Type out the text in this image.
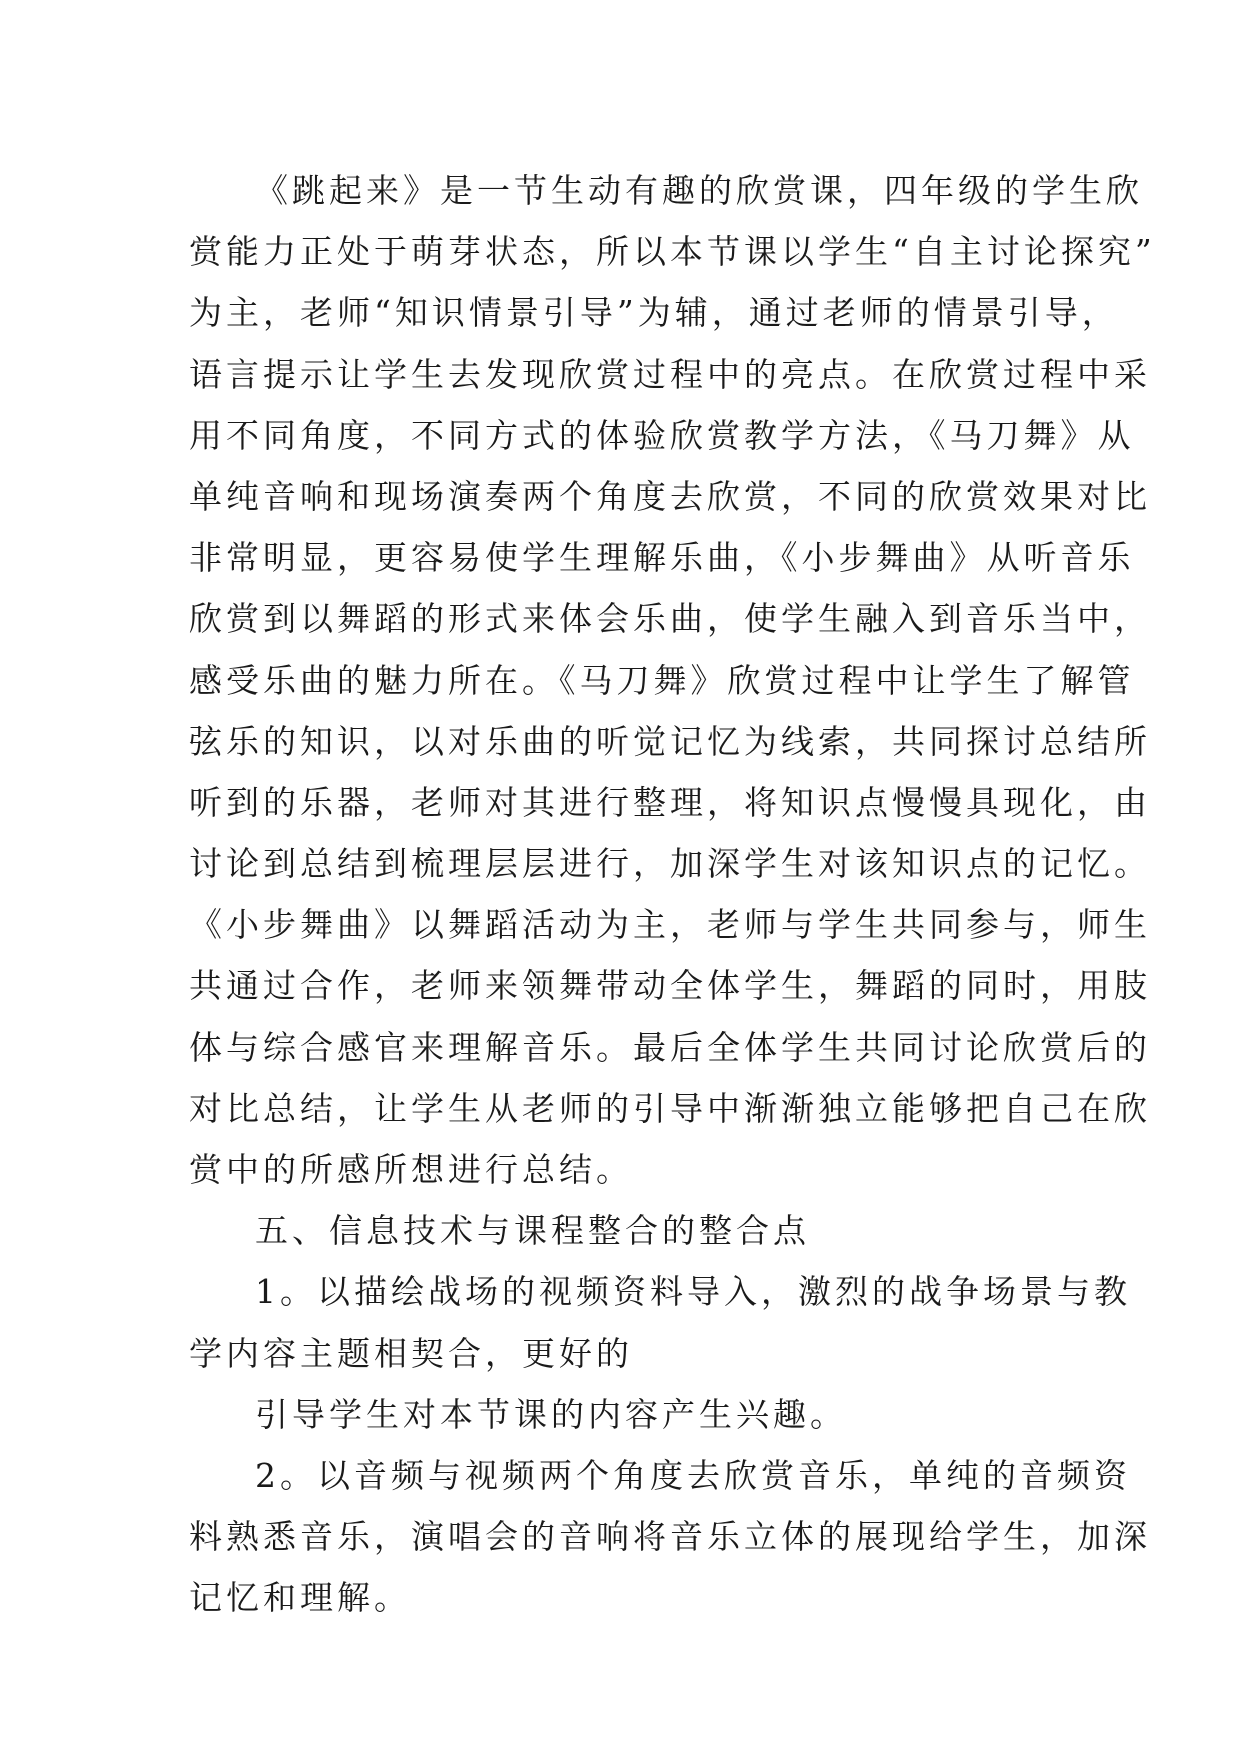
《跳起来》是一节生动有趣的欣赏课，四年级的学生欣
赏能力正处于萌芽状态，所以本节课以学生“自主讨论探究”
为主，老师“知识情景引导”为辅，通过老师的情景引导，
语言提示让学生去发现欣赏过程中的亮点。在欣赏过程中采
用不同角度，不同方式的体验欣赏教学方法，《马刀舞》从
单纯音响和现场演奏两个角度去欣赏，不同的欣赏效果对比
非常明显，更容易使学生理解乐曲，《小步舞曲》从听音乐
欣赏到以舞蹈的形式来体会乐曲，使学生融入到音乐当中，
感受乐曲的魅力所在。《马刀舞》欣赏过程中让学生了解管
弦乐的知识，以对乐曲的听觉记忆为线索，共同探讨总结所
听到的乐器，老师对其进行整理，将知识点慢慢具现化，由
讨论到总结到梳理层层进行，加深学生对该知识点的记忆。
《小步舞曲》以舞蹈活动为主，老师与学生共同参与，师生
共通过合作，老师来领舞带动全体学生，舞蹈的同时，用肢
体与综合感官来理解音乐。最后全体学生共同讨论欣赏后的
对比总结，让学生从老师的引导中渐渐独立能够把自己在欣
赏中的所感所想进行总结。
五、信息技术与课程整合的整合点
1。以描绘战场的视频资料导入，激烈的战争场景与教
学内容主题相契合，更好的
引导学生对本节课的内容产生兴趣。
2。以音频与视频两个角度去欣赏音乐，单纯的音频资
料熟悉音乐，演唱会的音响将音乐立体的展现给学生，加深
记忆和理解。
